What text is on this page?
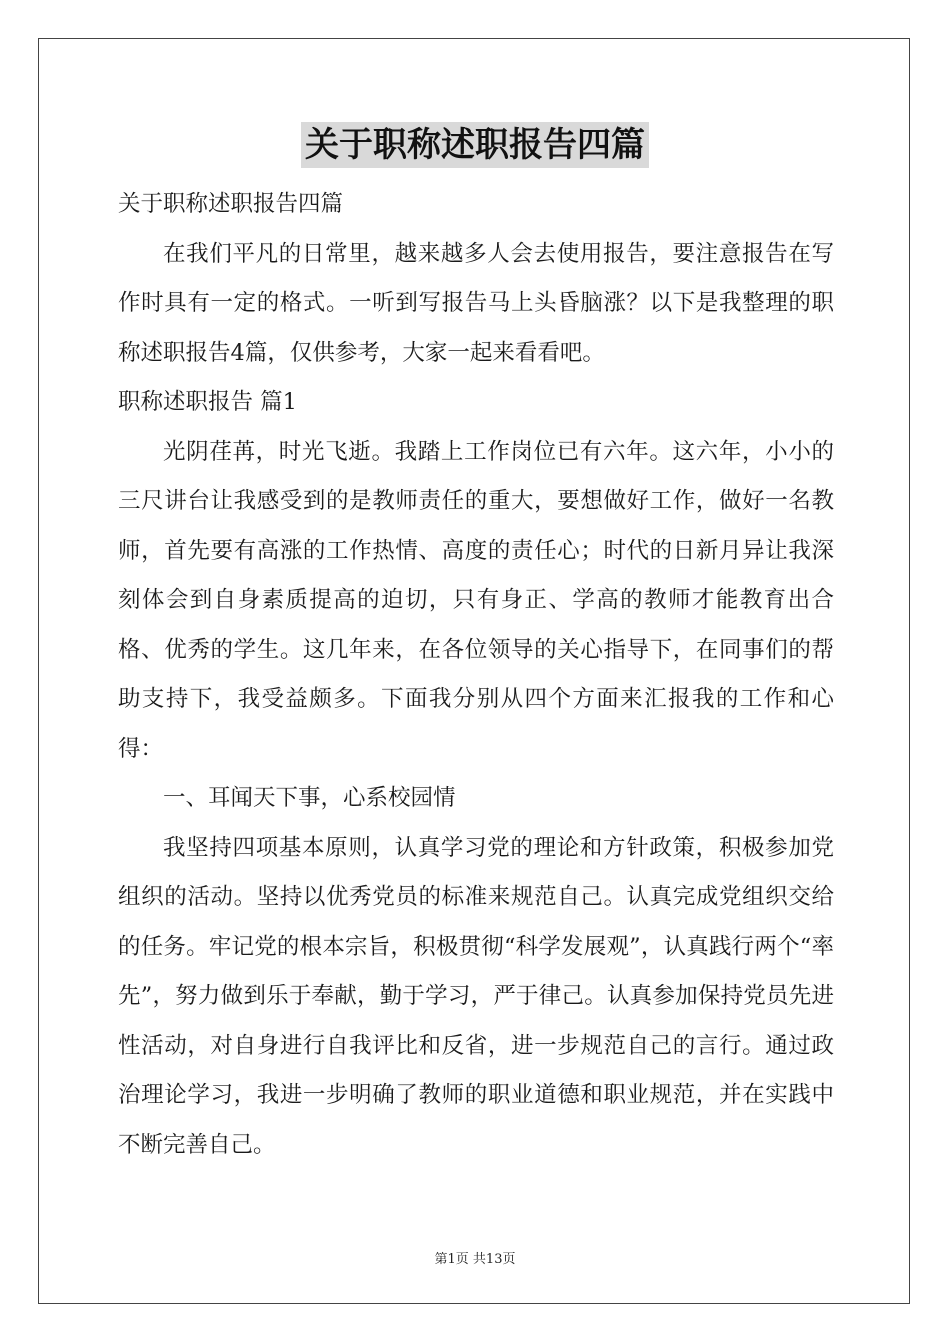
关于职称述职报告四篇

关于职称述职报告四篇

在我们平凡的日常里，越来越多人会去使用报告，要注意报告在写作时具有一定的格式。一听到写报告马上头昏脑涨？以下是我整理的职称述职报告4篇，仅供参考，大家一起来看看吧。

职称述职报告 篇1

光阴荏苒，时光飞逝。我踏上工作岗位已有六年。这六年，小小的三尺讲台让我感受到的是教师责任的重大，要想做好工作，做好一名教师，首先要有高涨的工作热情、高度的责任心；时代的日新月异让我深刻体会到自身素质提高的迫切，只有身正、学高的教师才能教育出合格、优秀的学生。这几年来，在各位领导的关心指导下，在同事们的帮助支持下，我受益颇多。下面我分别从四个方面来汇报我的工作和心得：

一、耳闻天下事，心系校园情

我坚持四项基本原则，认真学习党的理论和方针政策，积极参加党组织的活动。坚持以优秀党员的标准来规范自己。认真完成党组织交给的任务。牢记党的根本宗旨，积极贯彻“科学发展观”，认真践行两个“率先”，努力做到乐于奉献，勤于学习，严于律己。认真参加保持党员先进性活动，对自身进行自我评比和反省，进一步规范自己的言行。通过政治理论学习，我进一步明确了教师的职业道德和职业规范，并在实践中不断完善自己。

第1页 共13页
